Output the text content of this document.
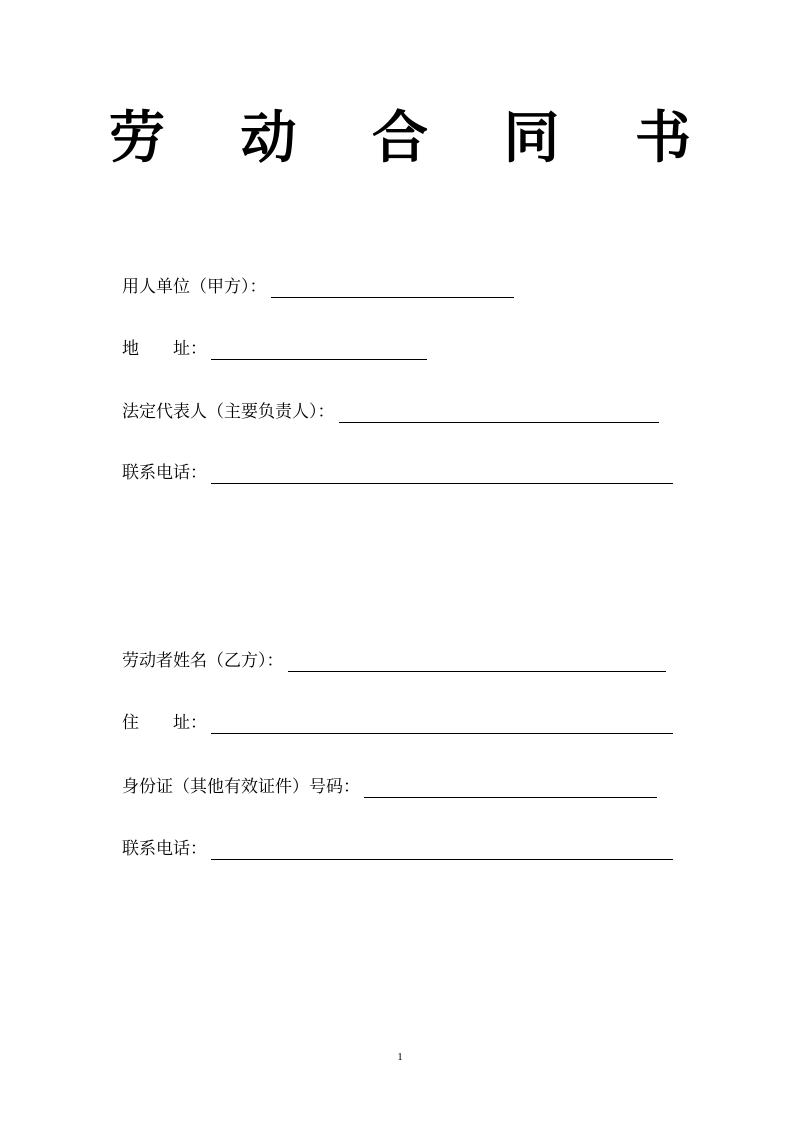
劳 动 合 同 书
用人单位（甲方）：
地　　址：
法定代表人（主要负责人）：
联系电话：
劳动者姓名（乙方）：
住　　址：
身份证（其他有效证件）号码：
联系电话：
1
